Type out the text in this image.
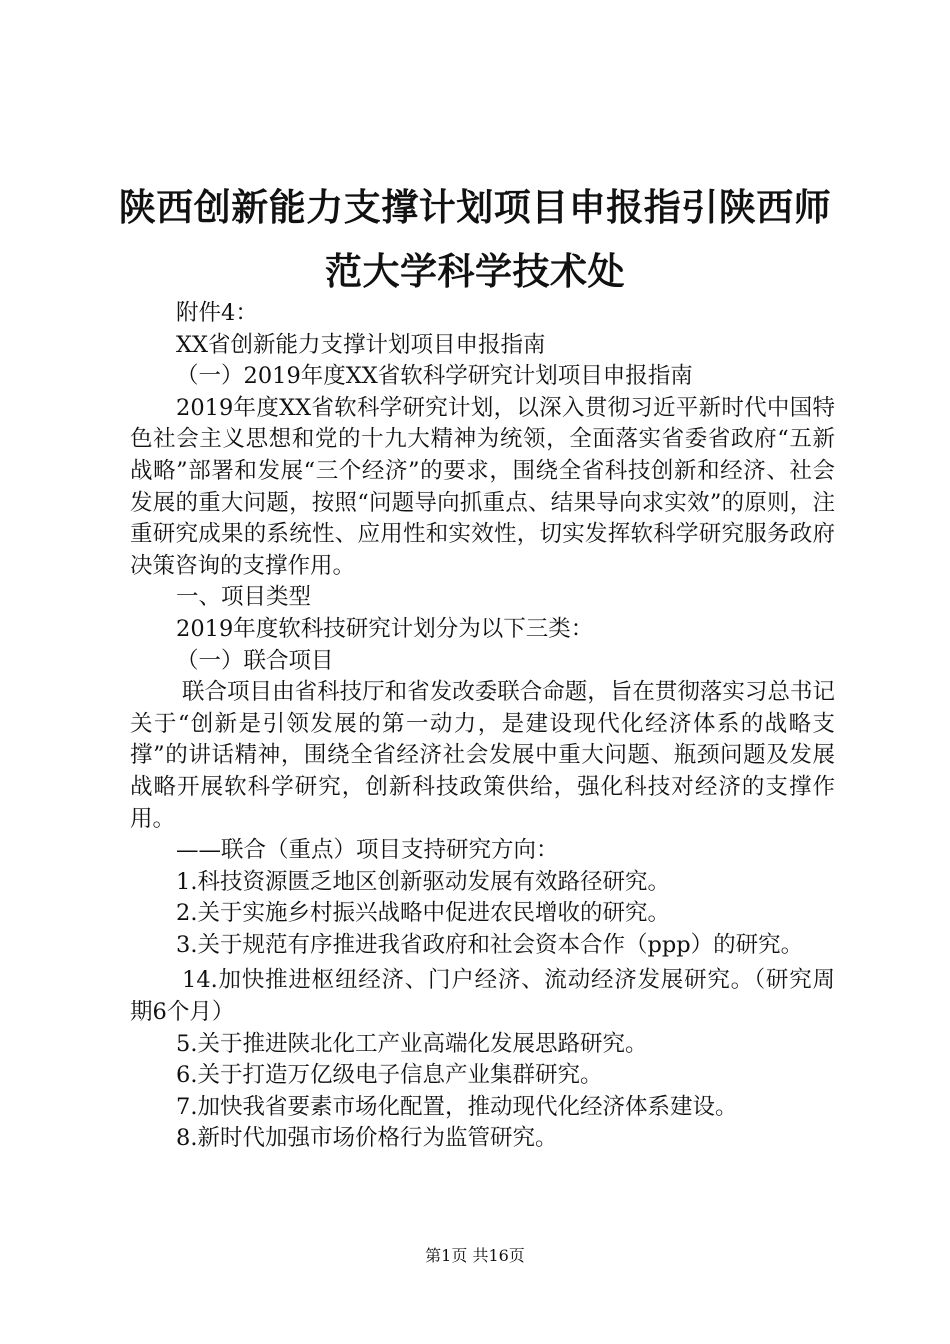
陕西创新能力支撑计划项目申报指引陕西师范大学科学技术处

附件4：

XX省创新能力支撑计划项目申报指南

（一）2019年度XX省软科学研究计划项目申报指南

2019年度XX省软科学研究计划，以深入贯彻习近平新时代中国特色社会主义思想和党的十九大精神为统领，全面落实省委省政府“五新战略”部署和发展“三个经济”的要求，围绕全省科技创新和经济、社会发展的重大问题，按照“问题导向抓重点、结果导向求实效”的原则，注重研究成果的系统性、应用性和实效性，切实发挥软科学研究服务政府决策咨询的支撑作用。

一、项目类型

2019年度软科技研究计划分为以下三类：

（一）联合项目

联合项目由省科技厅和省发改委联合命题，旨在贯彻落实习总书记关于“创新是引领发展的第一动力，是建设现代化经济体系的战略支撑”的讲话精神，围绕全省经济社会发展中重大问题、瓶颈问题及发展战略开展软科学研究，创新科技政策供给，强化科技对经济的支撑作用。

——联合（重点）项目支持研究方向：

1.科技资源匮乏地区创新驱动发展有效路径研究。

2.关于实施乡村振兴战略中促进农民增收的研究。

3.关于规范有序推进我省政府和社会资本合作（ppp）的研究。

14.加快推进枢纽经济、门户经济、流动经济发展研究。（研究周期6个月）

5.关于推进陕北化工产业高端化发展思路研究。

6.关于打造万亿级电子信息产业集群研究。

7.加快我省要素市场化配置，推动现代化经济体系建设。

8.新时代加强市场价格行为监管研究。

第1页 共16页
